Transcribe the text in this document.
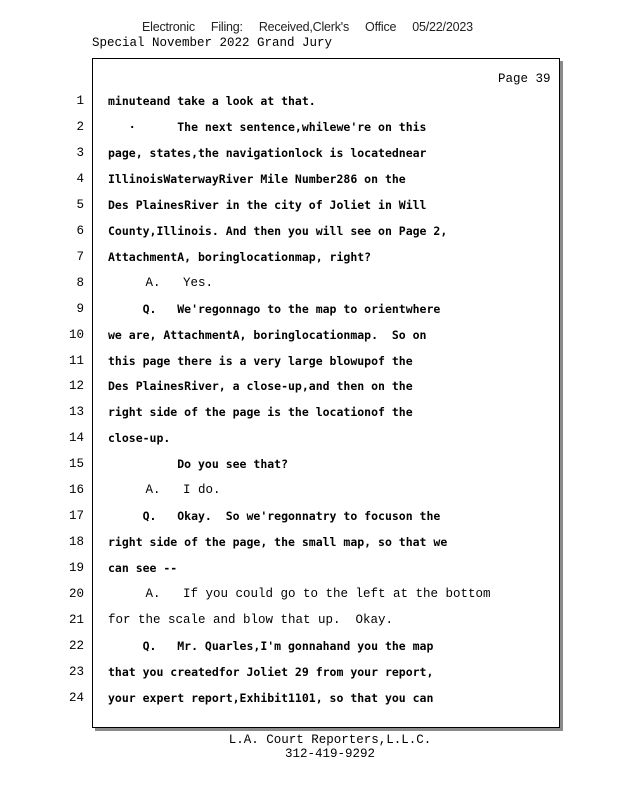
Electronic Filing: Received,Clerk's Office 05/22/2023
Special November 2022 Grand Jury
Page 39
1 minuteand take a look at that.
2 ·      The next sentence,whilewe're on this
3 page, states,the navigationlock is locatednear
4 IllinoisWaterwayRiver Mile Number286 on the
5 Des PlainesRiver in the city of Joliet in Will
6 County,Illinois. And then you will see on Page 2,
7 AttachmentA, boringlocationmap, right?
8 A.   Yes.
9 Q.   We'regonnago to the map to orientwhere
10 we are, AttachmentA, boringlocationmap.  So on
11 this page there is a very large blowupof the
12 Des PlainesRiver, a close-up,and then on the
13 right side of the page is the locationof the
14 close-up.
15 Do you see that?
16 A.   I do.
17 Q.   Okay.  So we'regonnatry to focuson the
18 right side of the page, the small map, so that we
19 can see --
20 A.   If you could go to the left at the bottom
21 for the scale and blow that up.  Okay.
22 Q.   Mr. Quarles,I'm gonnahand you the map
23 that you createdfor Joliet 29 from your report,
24 your expert report,Exhibit1101, so that you can
L.A. Court Reporters,L.L.C.
312-419-9292
